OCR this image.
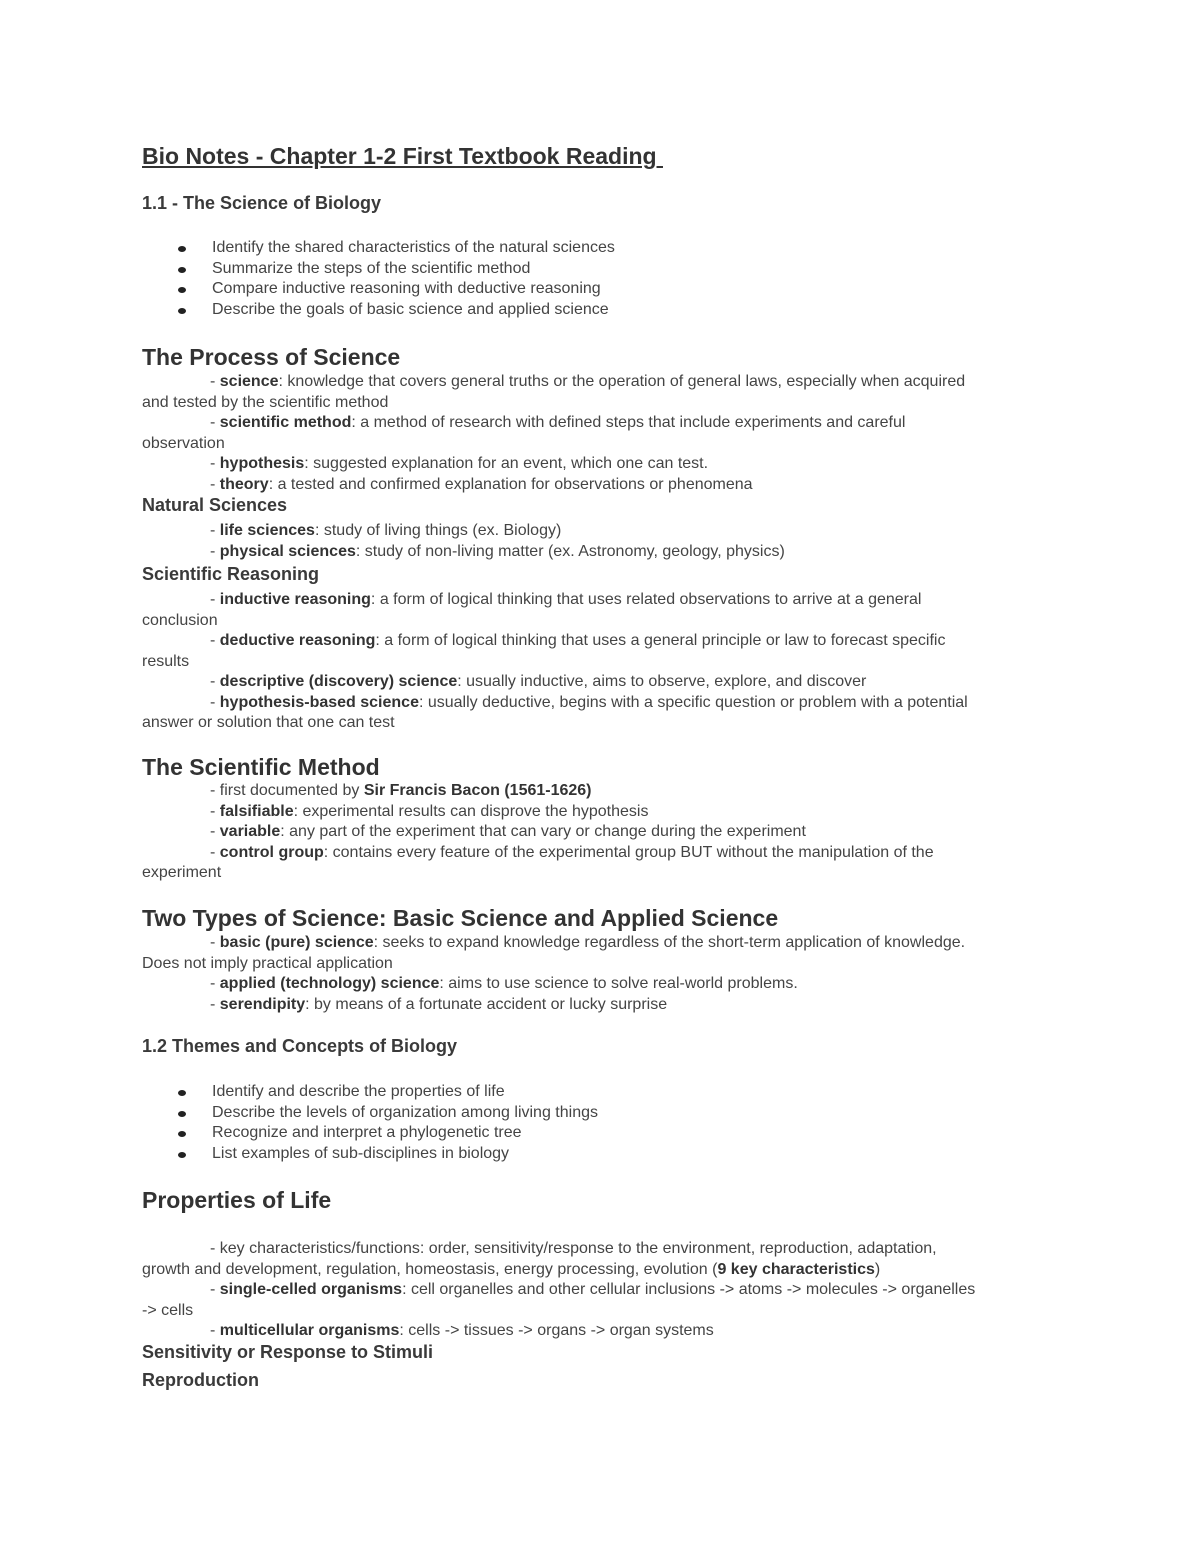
Bio Notes - Chapter 1-2 First Textbook Reading
1.1 - The Science of Biology
Identify the shared characteristics of the natural sciences
Summarize the steps of the scientific method
Compare inductive reasoning with deductive reasoning
Describe the goals of basic science and applied science
The Process of Science
- science: knowledge that covers general truths or the operation of general laws, especially when acquired
and tested by the scientific method
- scientific method: a method of research with defined steps that include experiments and careful
observation
- hypothesis: suggested explanation for an event, which one can test.
- theory: a tested and confirmed explanation for observations or phenomena
Natural Sciences
- life sciences: study of living things (ex. Biology)
- physical sciences: study of non-living matter (ex. Astronomy, geology, physics)
Scientific Reasoning
- inductive reasoning: a form of logical thinking that uses related observations to arrive at a general
conclusion
- deductive reasoning: a form of logical thinking that uses a general principle or law to forecast specific
results
- descriptive (discovery) science: usually inductive, aims to observe, explore, and discover
- hypothesis-based science: usually deductive, begins with a specific question or problem with a potential
answer or solution that one can test
The Scientific Method
- first documented by Sir Francis Bacon (1561-1626)
- falsifiable: experimental results can disprove the hypothesis
- variable: any part of the experiment that can vary or change during the experiment
- control group: contains every feature of the experimental group BUT without the manipulation of the
experiment
Two Types of Science: Basic Science and Applied Science
- basic (pure) science: seeks to expand knowledge regardless of the short-term application of knowledge.
Does not imply practical application
- applied (technology) science: aims to use science to solve real-world problems.
- serendipity: by means of a fortunate accident or lucky surprise
1.2 Themes and Concepts of Biology
Identify and describe the properties of life
Describe the levels of organization among living things
Recognize and interpret a phylogenetic tree
List examples of sub-disciplines in biology
Properties of Life
- key characteristics/functions: order, sensitivity/response to the environment, reproduction, adaptation,
growth and development, regulation, homeostasis, energy processing, evolution (9 key characteristics)
- single-celled organisms: cell organelles and other cellular inclusions -> atoms -> molecules -> organelles
-> cells
- multicellular organisms: cells -> tissues -> organs -> organ systems
Sensitivity or Response to Stimuli
Reproduction
